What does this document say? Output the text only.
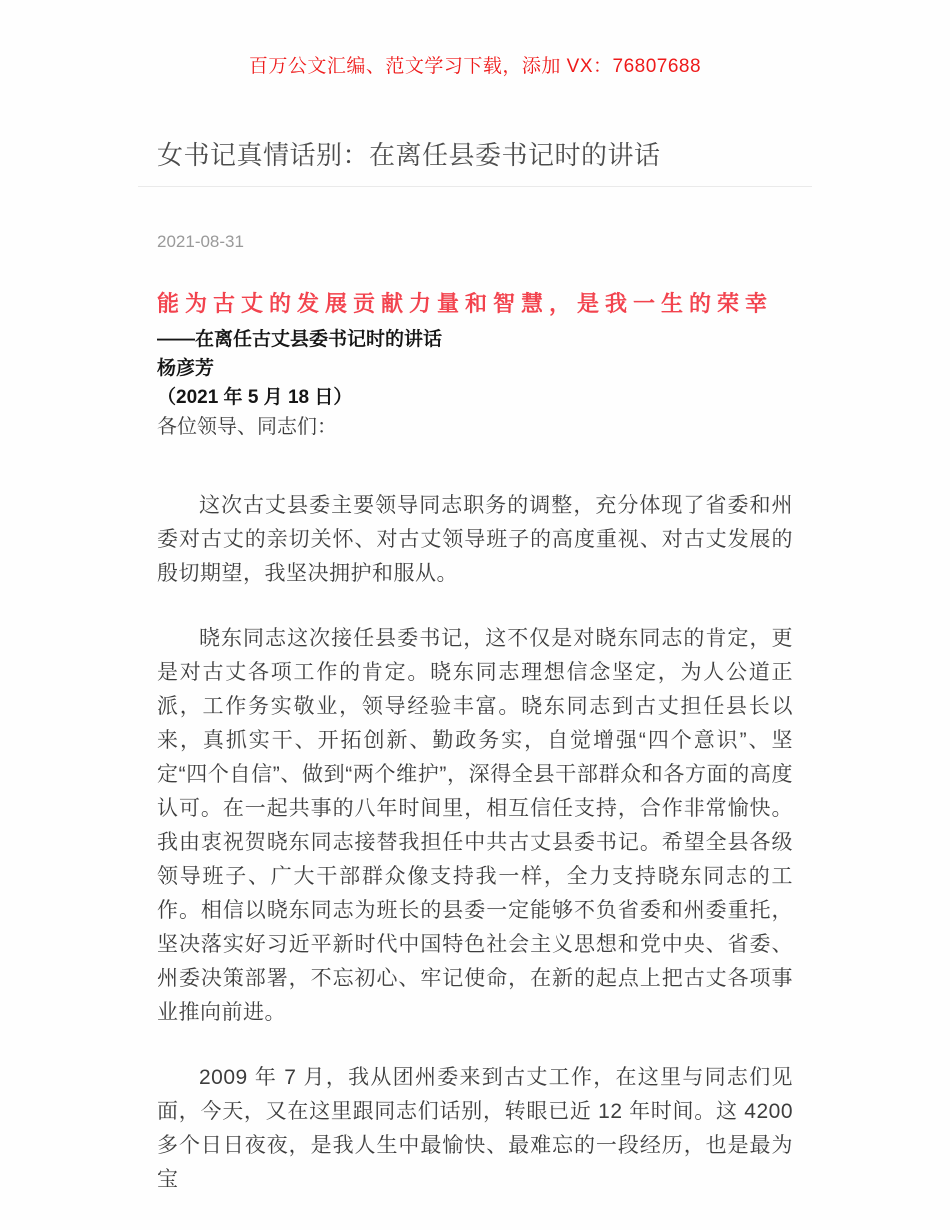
百万公文汇编、范文学习下载，添加 VX：76807688
女书记真情话别：在离任县委书记时的讲话
2021-08-31
能为古丈的发展贡献力量和智慧，是我一生的荣幸
——在离任古丈县委书记时的讲话
杨彦芳
（2021 年 5 月 18 日）
各位领导、同志们：

这次古丈县委主要领导同志职务的调整，充分体现了省委和州委对古丈的亲切关怀、对古丈领导班子的高度重视、对古丈发展的殷切期望，我坚决拥护和服从。

晓东同志这次接任县委书记，这不仅是对晓东同志的肯定，更是对古丈各项工作的肯定。晓东同志理想信念坚定，为人公道正派，工作务实敬业，领导经验丰富。晓东同志到古丈担任县长以来，真抓实干、开拓创新、勤政务实，自觉增强“四个意识”、坚定“四个自信”、做到“两个维护”，深得全县干部群众和各方面的高度认可。在一起共事的八年时间里，相互信任支持，合作非常愉快。我由衷祝贺晓东同志接替我担任中共古丈县委书记。希望全县各级领导班子、广大干部群众像支持我一样，全力支持晓东同志的工作。相信以晓东同志为班长的县委一定能够不负省委和州委重托，坚决落实好习近平新时代中国特色社会主义思想和党中央、省委、州委决策部署，不忘初心、牢记使命，在新的起点上把古丈各项事业推向前进。

2009 年 7 月，我从团州委来到古丈工作，在这里与同志们见面，今天，又在这里跟同志们话别，转眼已近 12 年时间。这 4200 多个日日夜夜，是我人生中最愉快、最难忘的一段经历，也是最为宝
